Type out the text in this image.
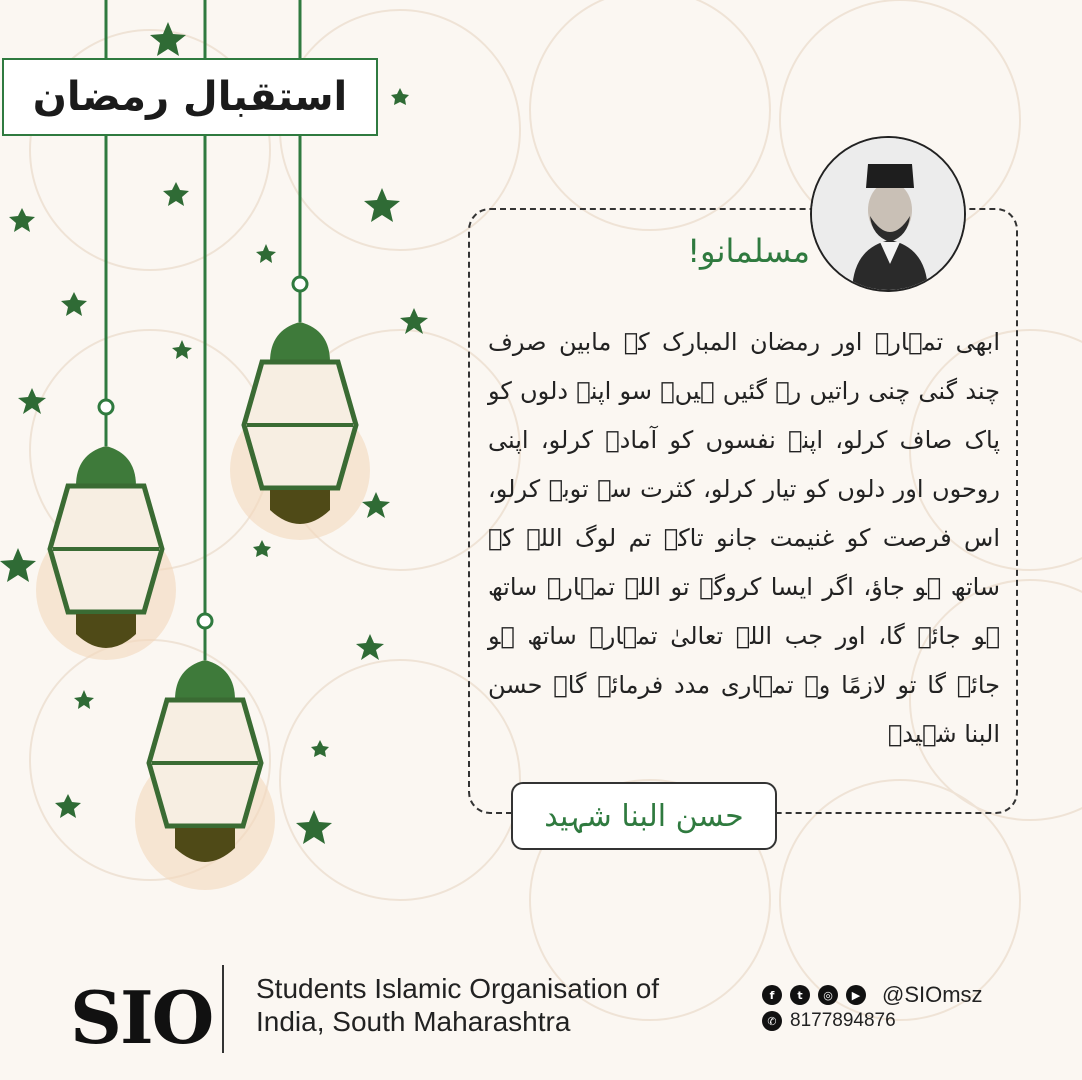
استقبال رمضان
مسلمانو!
ابھی تمہارے اور رمضان المبارک کے مابین صرف چند گنی چنی راتیں رہ گئیں ہیں۔ سو اپنے دلوں کو پاک صاف کرلو، اپنے نفسوں کو آمادہ کرلو، اپنی روحوں اور دلوں کو تیار کرلو، کثرت سے توبہ کرلو، اس فرصت کو غنیمت جانو تاکہ تم لوگ اللہ کے ساتھ ہو جاؤ، اگر ایسا کروگے تو اللہ تمہارے ساتھ ہو جائے گا، اور جب اللہ تعالیٰ تمہارے ساتھ ہو جائے گا تو لازمًا وہ تمہاری مدد فرمائے گا۔ حسن البنا شہیدؒ
حسن البنا شہید
SIO Students Islamic Organisation of India, South Maharashtra
f	t	◎	▶ @SIOmsz
✆ 8177894876
